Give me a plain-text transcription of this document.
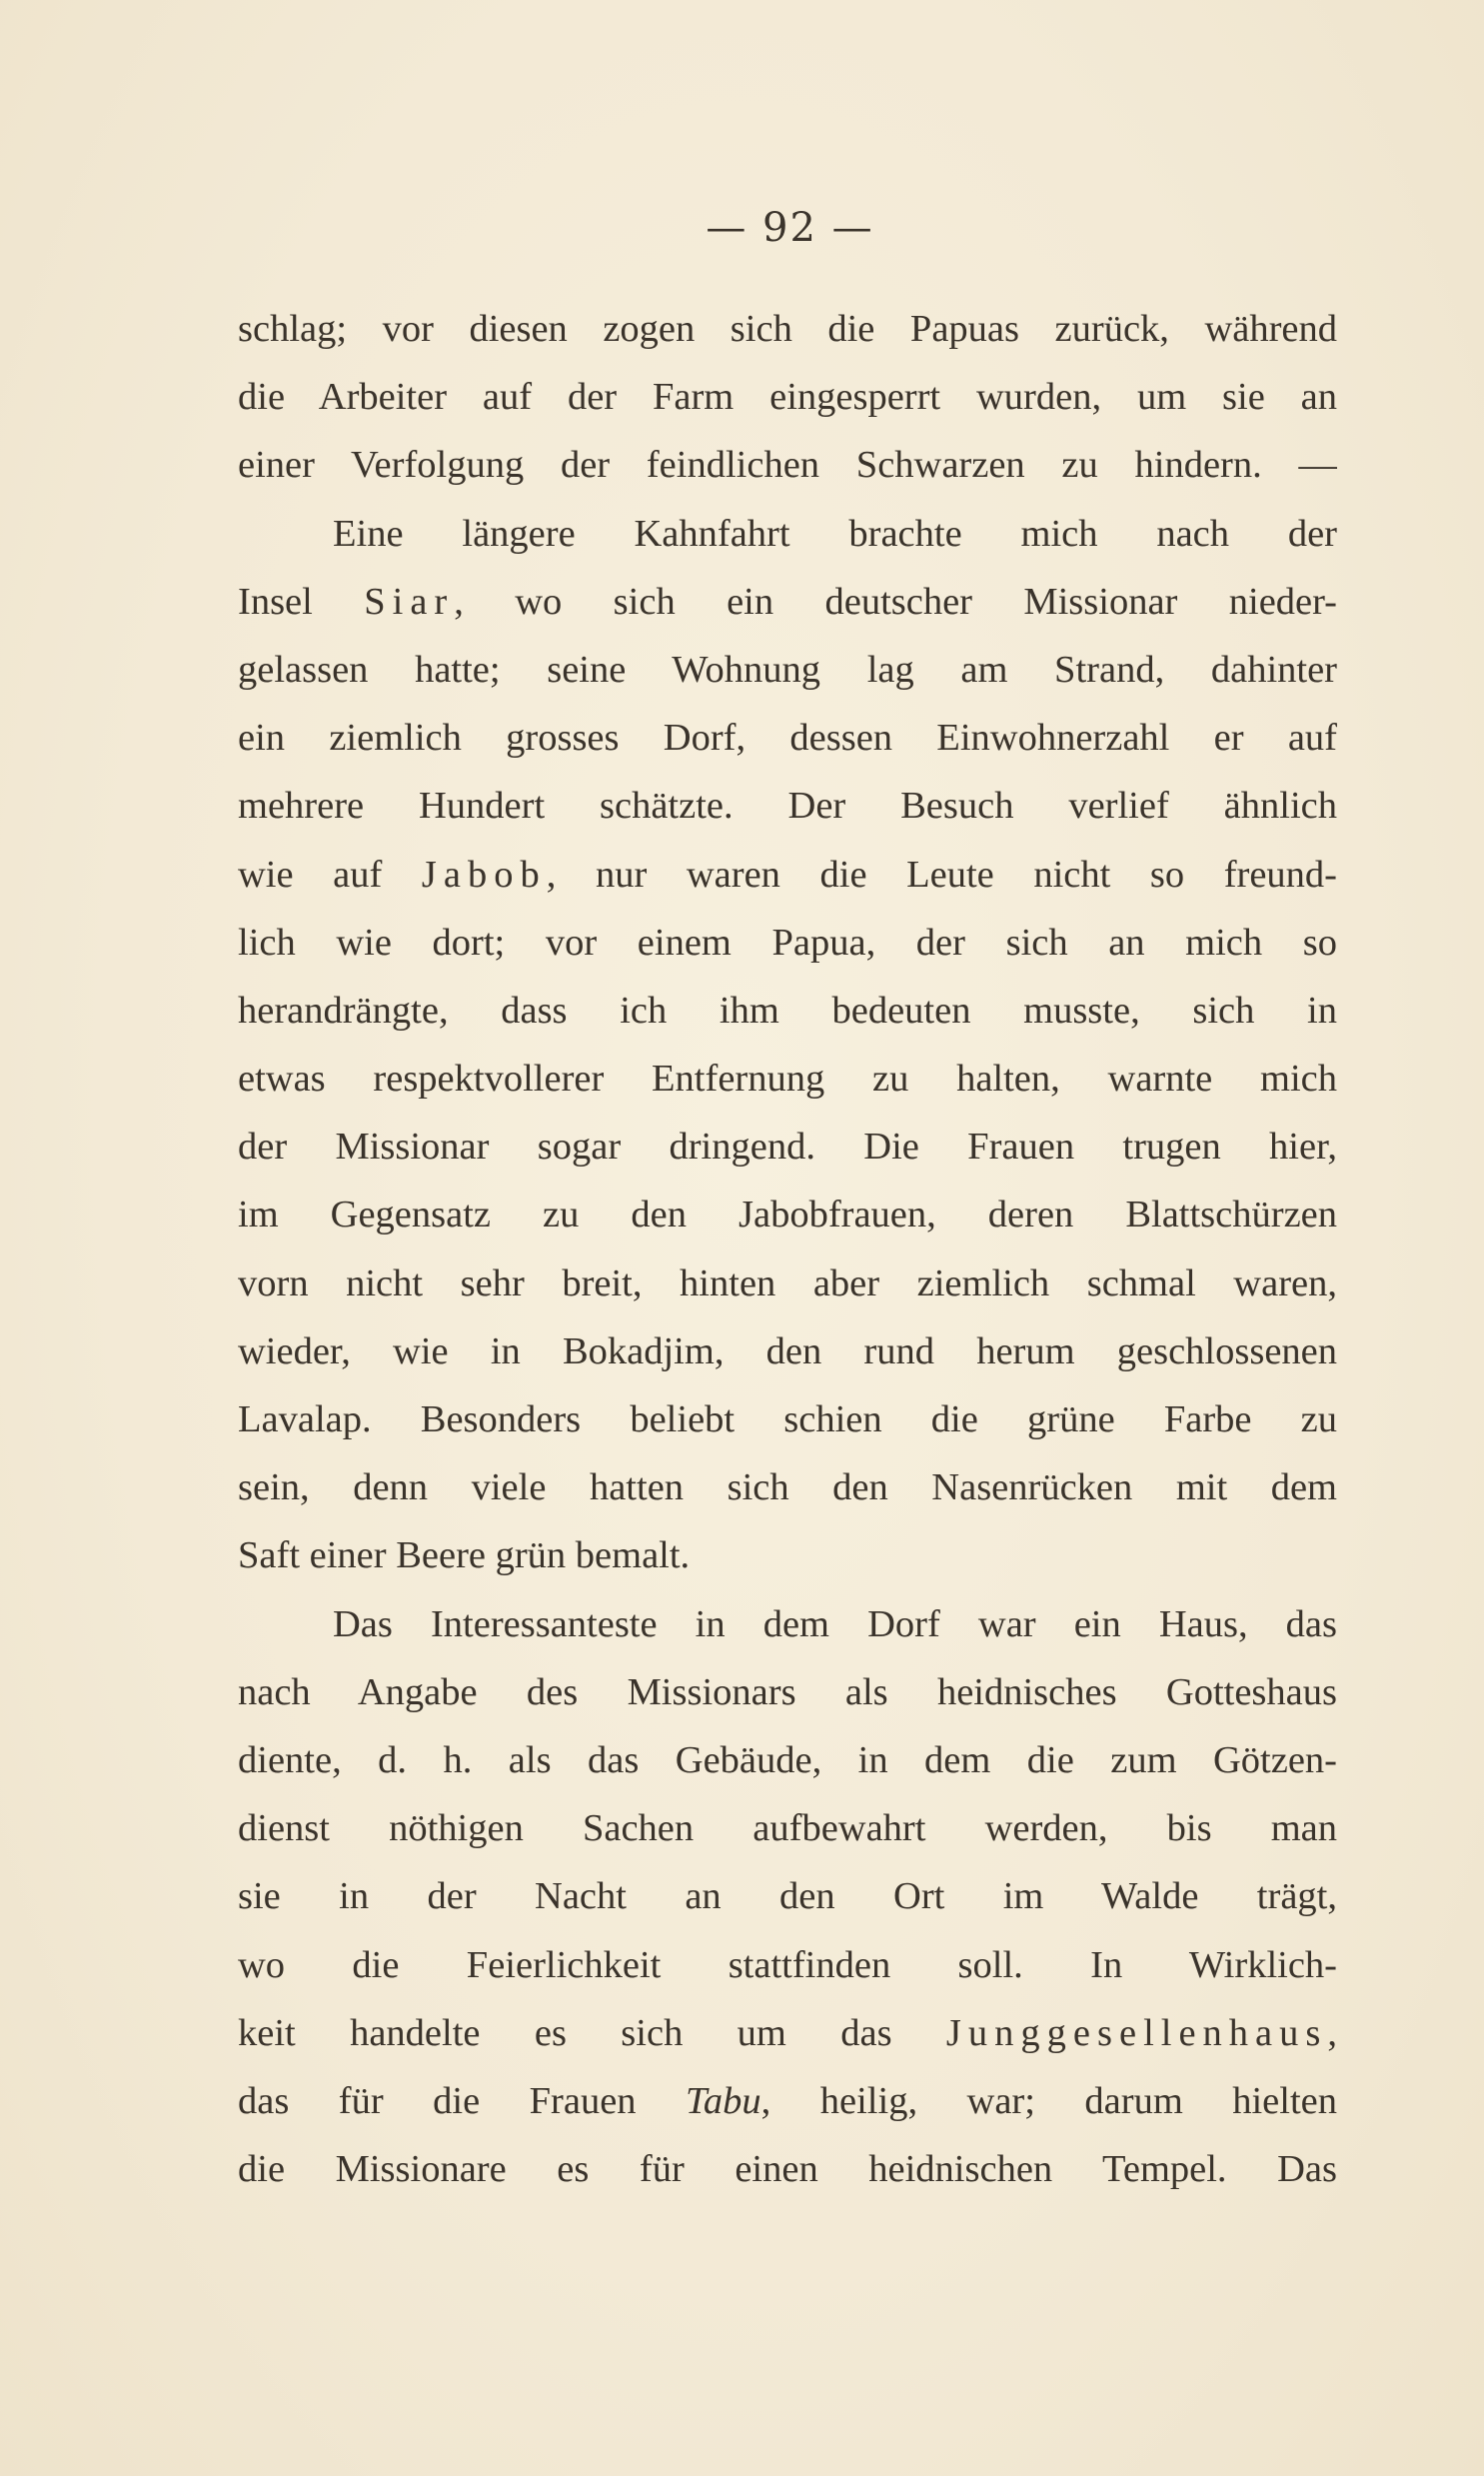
— 92 —
schlag; vor diesen zogen sich die Papuas zurück, während
die Arbeiter auf der Farm eingesperrt wurden, um sie an
einer Verfolgung der feindlichen Schwarzen zu hindern. —
Eine längere Kahnfahrt brachte mich nach der
Insel Siar, wo sich ein deutscher Missionar nieder-
gelassen hatte; seine Wohnung lag am Strand, dahinter
ein ziemlich grosses Dorf, dessen Einwohnerzahl er auf
mehrere Hundert schätzte. Der Besuch verlief ähnlich
wie auf Jabob, nur waren die Leute nicht so freund-
lich wie dort; vor einem Papua, der sich an mich so
herandrängte, dass ich ihm bedeuten musste, sich in
etwas respektvollerer Entfernung zu halten, warnte mich
der Missionar sogar dringend. Die Frauen trugen hier,
im Gegensatz zu den Jabobfrauen, deren Blattschürzen
vorn nicht sehr breit, hinten aber ziemlich schmal waren,
wieder, wie in Bokadjim, den rund herum geschlossenen
Lavalap. Besonders beliebt schien die grüne Farbe zu
sein, denn viele hatten sich den Nasenrücken mit dem
Saft einer Beere grün bemalt.
Das Interessanteste in dem Dorf war ein Haus, das
nach Angabe des Missionars als heidnisches Gotteshaus
diente, d. h. als das Gebäude, in dem die zum Götzen-
dienst nöthigen Sachen aufbewahrt werden, bis man
sie in der Nacht an den Ort im Walde trägt,
wo die Feierlichkeit stattfinden soll. In Wirklich-
keit handelte es sich um das Junggesellenhaus,
das für die Frauen Tabu, heilig, war; darum hielten
die Missionare es für einen heidnischen Tempel. Das
